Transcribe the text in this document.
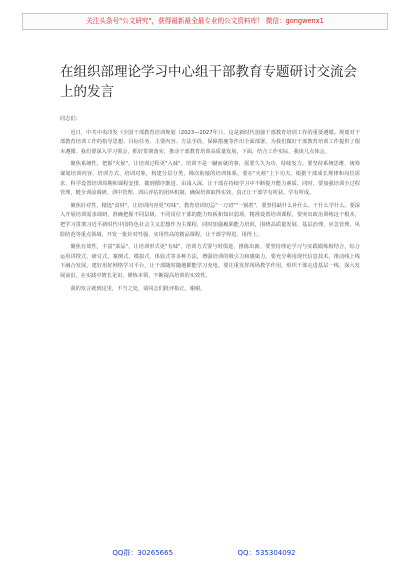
关注头条号"公文研究"，获得最新最全最专业的公文资料库！ 微信：gongwenx1
在组织部理论学习中心组干部教育专题研讨交流会上的发言

同志们：

近日，中共中央印发《全国干部教育培训规划（2023—2027年）》，这是新时代加强干部教育培训工作的重要遵循。规划对干部教育培训工作的指导思想、目标任务、主要内容、方法手段、保障措施等作出全面部署，为我们做好干部教育培训工作提供了根本遵循。我们要深入学习领会，抓好贯彻落实，推动干部教育培训高质量发展。下面，结合工作实际，我谈几点体会。

聚焦系统性，把握"火候"，让培训过程更"入味"。培训不是一蹴而就的事，需要久久为功、持续发力。要坚持系统思维，统筹谋划培训内容、培训方式、培训对象，构建分层分类、梯次衔接的培训体系。要在"火候"上下功夫，根据干部成长规律和岗位需求，科学设置培训周期和课程安排，做到循序渐进、由浅入深，让干部在持续学习中不断提升能力素质。同时，要加强培训全过程管理，健全训前调研、训中管理、训后评估的闭环机制，确保培训取得实效，真正让干部学有所获、学有所成。

聚焦针对性，精选"食材"，让培训内容更"对味"。教育培训切忌"一刀切""一锅煮"，要坚持缺什么补什么、干什么学什么。要深入开展培训需求调研，准确把握不同层级、不同岗位干部的能力短板和知识弱项，精准设置培训课程。要突出政治训练这个根本，把学习贯彻习近平新时代中国特色社会主义思想作为主课程，同时加强履职能力培训，围绕高质量发展、基层治理、应急管理、风险防范等重点领域，开发一批针对性强、实用性高的精品课程，让干部学得进、用得上。

聚焦有效性，丰富"菜品"，让培训形式更"有味"。培训方式要与时俱进、推陈出新。要坚持理论学习与实践锻炼相结合，综合运用讲授式、研讨式、案例式、模拟式、体验式等多种方法，增强培训的吸引力和感染力。要充分利用现代信息技术，推动线上线下融合发展，建好用好网络学习平台，让干部随时随地都能学习充电。要注重发挥现场教学作用，组织干部走进基层一线、深入发展前沿，在实践中增长见识、锤炼本领，不断提高培训的实效性。

我的发言就到这里，不当之处，请同志们批评指正。谢谢。

QQ群：30265665	QQ：535304092
